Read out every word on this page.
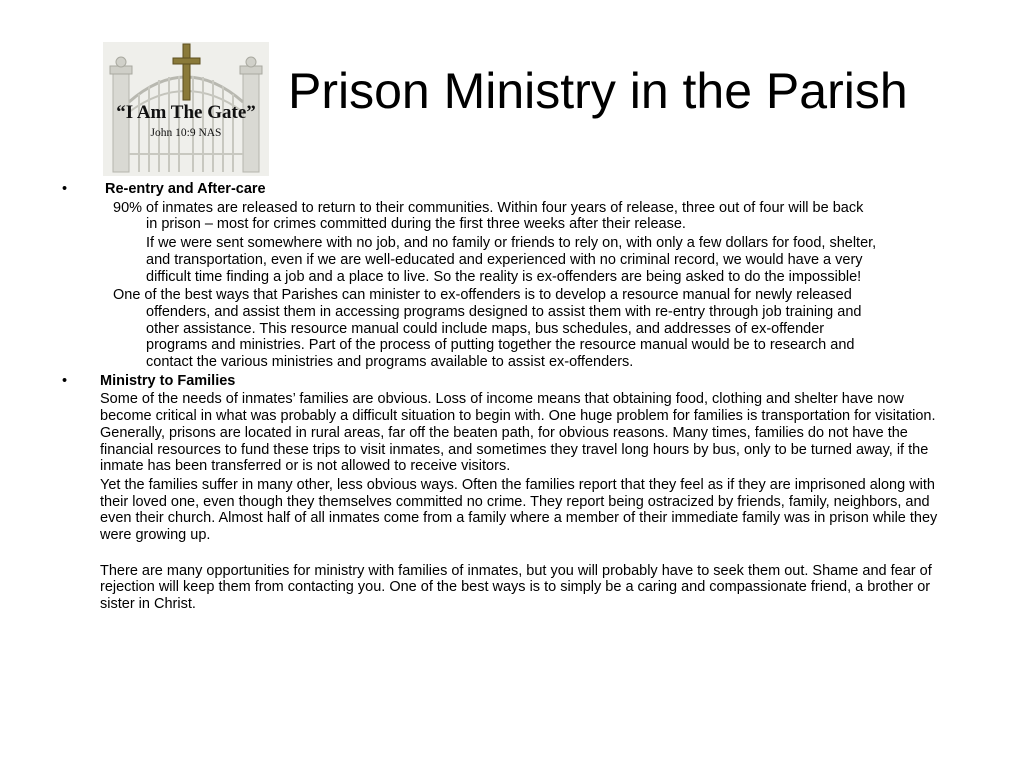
“I Am The Gate”
John 10:9 NAS
Prison Ministry in the Parish
•	Re-entry and After-care

90% of inmates are released to return to their communities. Within four years of release, three out of four will be back in prison – most for crimes committed during the first three weeks after their release.

If we were sent somewhere with no job, and no family or friends to rely on, with only a few dollars for food, shelter, and transportation, even if we are well-educated and experienced with no criminal record, we would have a very difficult time finding a job and a place to live. So the reality is ex-offenders are being asked to do the impossible!

One of the best ways that Parishes can minister to ex-offenders is to develop a resource manual for newly released offenders, and assist them in accessing programs designed to assist them with re-entry through job training and other assistance. This resource manual could include maps, bus schedules, and addresses of ex-offender programs and ministries. Part of the process of putting together the resource manual would be to research and contact the various ministries and programs available to assist ex-offenders.

• Ministry to Families

Some of the needs of inmates’ families are obvious. Loss of income means that obtaining food, clothing and shelter have now become critical in what was probably a difficult situation to begin with. One huge problem for families is transportation for visitation. Generally, prisons are located in rural areas, far off the beaten path, for obvious reasons. Many times, families do not have the financial resources to fund these trips to visit inmates, and sometimes they travel long hours by bus, only to be turned away, if the inmate has been transferred or is not allowed to receive visitors.

Yet the families suffer in many other, less obvious ways. Often the families report that they feel as if they are imprisoned along with their loved one, even though they themselves committed no crime. They report being ostracized by friends, family, neighbors, and even their church. Almost half of all inmates come from a family where a member of their immediate family was in prison while they were growing up.

There are many opportunities for ministry with families of inmates, but you will probably have to seek them out. Shame and fear of rejection will keep them from contacting you. One of the best ways is to simply be a caring and compassionate friend, a brother or sister in Christ.
